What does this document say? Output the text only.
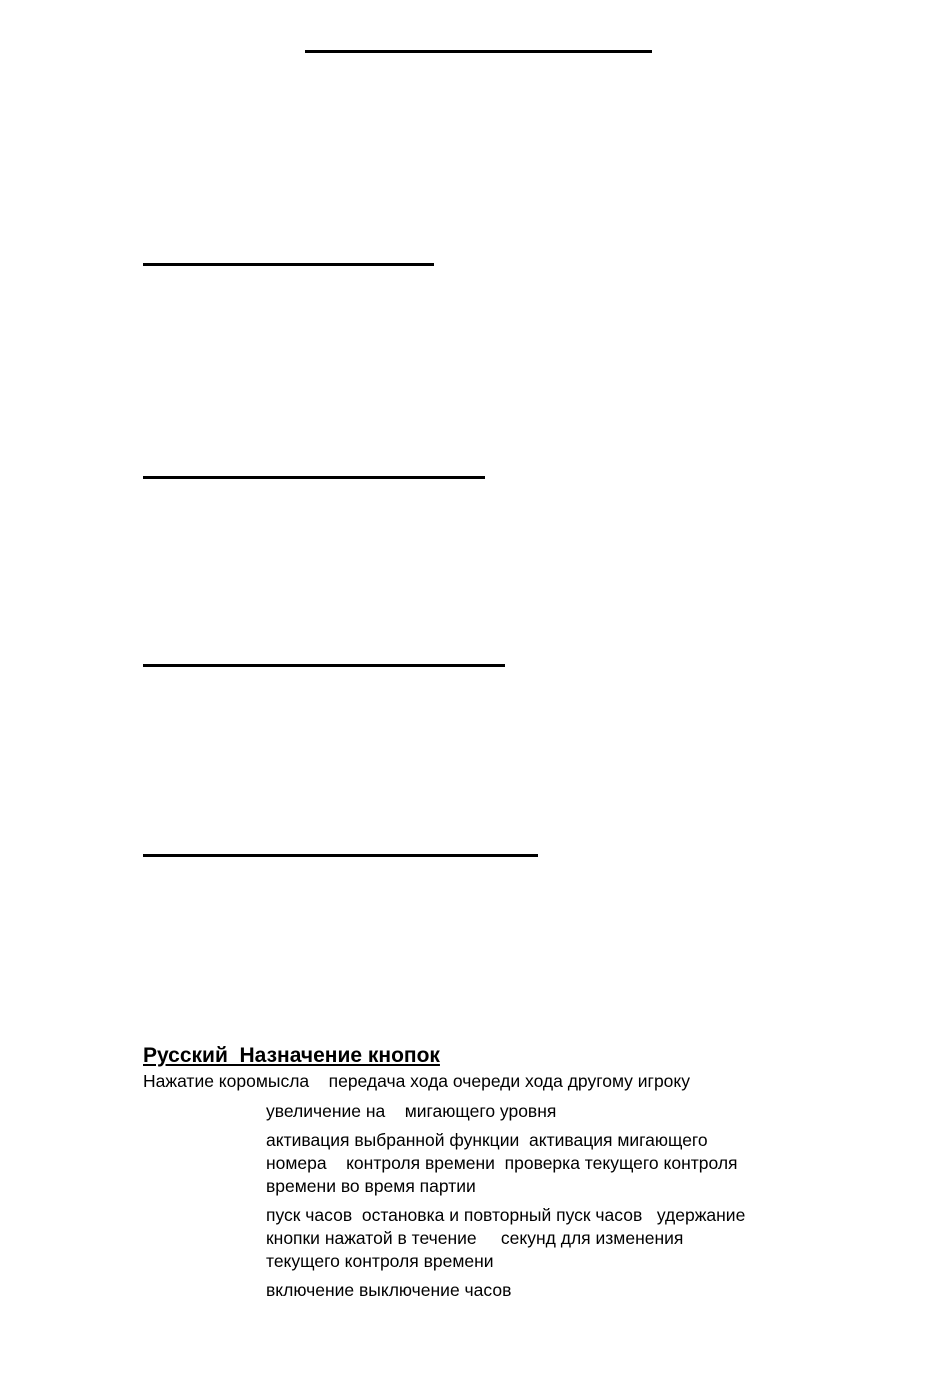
Русский  Назначение кнопок
Нажатие коромысла    передача хода очереди хода другому игроку
увеличение на    мигающего уровня
активация выбранной функции  активация мигающего
номера    контроля времени  проверка текущего контроля
времени во время партии
пуск часов  остановка и повторный пуск часов   удержание
кнопки нажатой в течение     секунд для изменения
текущего контроля времени
включение выключение часов
